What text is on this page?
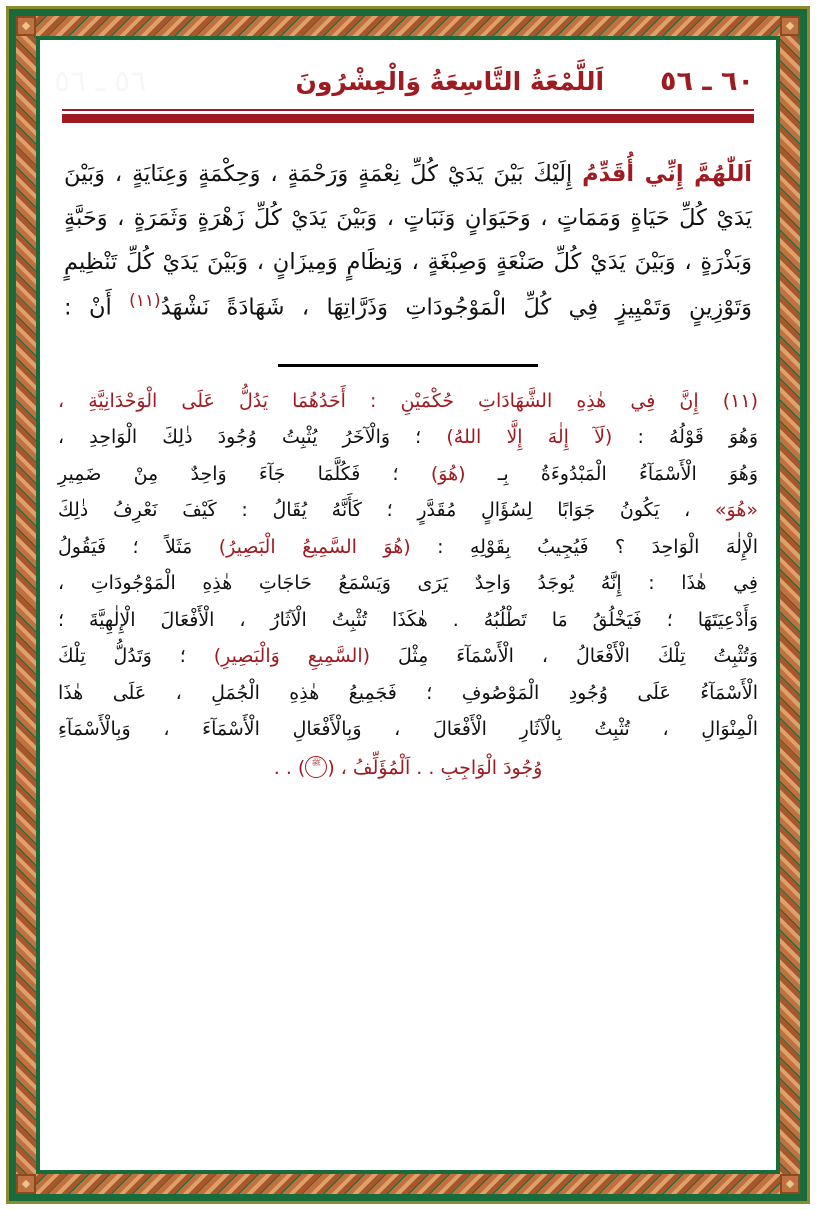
٥٦ ـ ٥٦	٦٠ ـ ٥٦
اَللَّمْعَةُ التَّاسِعَةُ وَالْعِشْرُونَ
اَللّٰهُمَّ إِنِّي أُقَدِّمُ إِلَيْكَ بَيْنَ يَدَيْ كُلِّ نِعْمَةٍ وَرَحْمَةٍ ، وَحِكْمَةٍ وَعِنَايَةٍ ، وَبَيْنَ يَدَيْ كُلِّ حَيَاةٍ وَمَمَاتٍ ، وَحَيَوَانٍ وَنَبَاتٍ ، وَبَيْنَ يَدَيْ كُلِّ زَهْرَةٍ وَثَمَرَةٍ ، وَحَبَّةٍ وَبَذْرَةٍ ، وَبَيْنَ يَدَيْ كُلِّ صَنْعَةٍ وَصِبْغَةٍ ، وَنِظَامٍ وَمِيزَانٍ ، وَبَيْنَ يَدَيْ كُلِّ تَنْظِيمٍ وَتَوْزِينٍ وَتَمْيِيزٍ فِي كُلِّ الْمَوْجُودَاتِ وَذَرَّاتِهَا ، شَهَادَةً نَشْهَدُ$^{(١١)}$ أَنْ :
(١١) إِنَّ فِي هٰذِهِ الشَّهَادَاتِ حُكْمَيْنِ : أَحَدُهُمَا يَدُلُّ عَلَى الْوَحْدَانِيَّةِ ،
وَهُوَ قَوْلُهُ : (لَآ إِلٰهَ إِلَّا اللهُ) ؛ وَالْآخَرُ يُثْبِتُ وُجُودَ ذٰلِكَ الْوَاحِدِ ،
وَهُوَ الْأَسْمَآءُ الْمَبْدُوءَةُ بِـ (هُوَ) ؛ فَكُلَّمَا جَآءَ وَاحِدٌ مِنْ ضَمِيرِ
«هُوَ» ، يَكُونُ جَوَابًا لِسُؤَالٍ مُقَدَّرٍ ؛ كَأَنَّهُ يُقَالُ : كَيْفَ نَعْرِفُ ذٰلِكَ
الْإِلٰهَ الْوَاحِدَ ؟ فَيُجِيبُ بِقَوْلِهِ : (هُوَ السَّمِيعُ الْبَصِيرُ) مَثَلاً ؛ فَيَقُولُ
فِي هٰذَا : إِنَّهُ يُوجَدُ وَاحِدٌ يَرَى وَيَسْمَعُ حَاجَاتِ هٰذِهِ الْمَوْجُودَاتِ ،
وَأَدْعِيَتَهَا ؛ فَيَخْلُقُ مَا تَطْلُبُهُ . هٰكَذَا تُثْبِتُ الْآثَارُ ، الْأَفْعَالَ الْإِلٰهِيَّةَ ؛
وَتُثْبِتُ تِلْكَ الْأَفْعَالُ ، الْأَسْمَآءَ مِثْلَ (السَّمِيعِ وَالْبَصِيرِ) ؛ وَتَدُلُّ تِلْكَ
الْأَسْمَآءُ عَلَى وُجُودِ الْمَوْصُوفِ ؛ فَجَمِيعُ هٰذِهِ الْجُمَلِ ، عَلَى هٰذَا
الْمِنْوَالِ ، تُثْبِتُ بِالْآثَارِ الْأَفْعَالَ ، وَبِالْأَفْعَالِ الْأَسْمَآءَ ، وَبِالْأَسْمَآءِ
وُجُودَ الْوَاجِبِ . . اَلْمُؤَلِّفُ ، (ﷺ) . .
